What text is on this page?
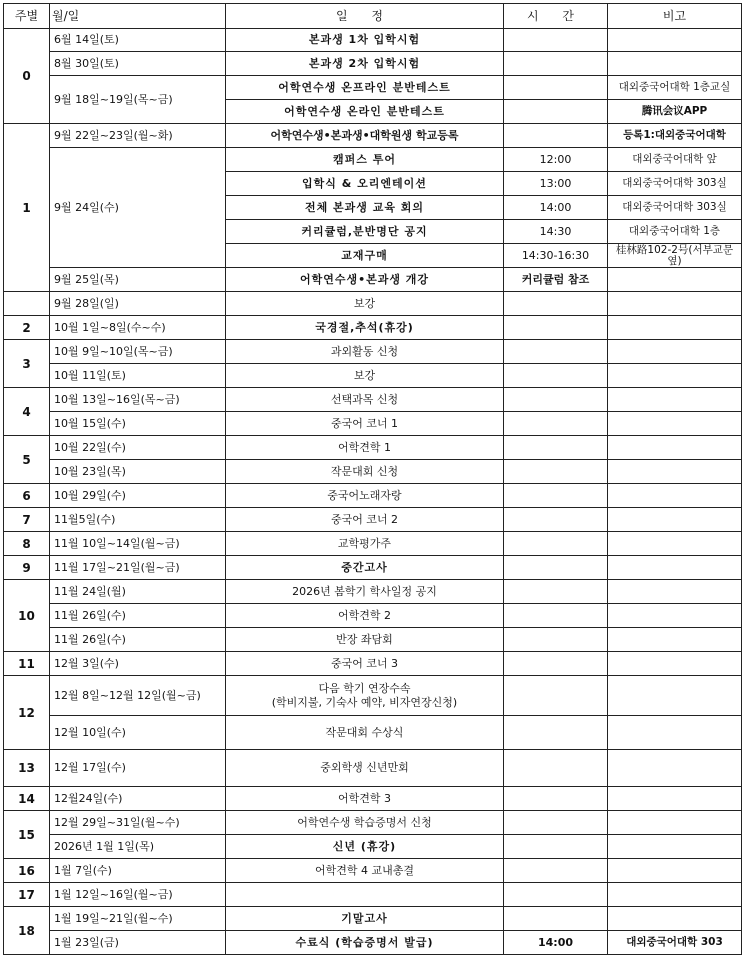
주별	월/일	일 정	시 간	비고
0	6월 14일(토)	본과생 1차 입학시험		
	8월 30일(토)	본과생 2차 입학시험		
	9월 18일~19일(목~금)	어학연수생 온프라인 분반테스트		대외중국어대학 1층교실
		어학연수생 온라인 분반테스트		腾讯会议APP
1	9월 22일~23일(월~화)	어학연수생•본과생•대학원생 학교등록		등록1:대외중국어대학
	9월 24일(수)	캠퍼스 투어	12:00	대외중국어대학 앞
		입학식 & 오리엔테이션	13:00	대외중국어대학 303실
		전체 본과생 교육 회의	14:00	대외중국어대학 303실
		커리큘럼,분반명단 공지	14:30	대외중국어대학 1층
		교재구매	14:30-16:30	桂林路102-2号(서부교문 옆)
	9월 25일(목)	어학연수생•본과생 개강	커리큘럼 참조	
	9월 28일(일)	보강		
2	10월 1일~8일(수~수)	국경절,추석(휴강)		
3	10월 9일~10일(목~금)	과외활동 신청		
	10월 11일(토)	보강		
4	10월 13일~16일(목~금)	선택과목 신청		
	10월 15일(수)	중국어 코너 1		
5	10월 22일(수)	어학견학 1		
	10월 23일(목)	작문대회 신청		
6	10월 29일(수)	중국어노래자랑		
7	11월5일(수)	중국어 코너 2		
8	11월 10일~14일(월~금)	교학평가주		
9	11월 17일~21일(월~금)	중간고사		
10	11월 24일(월)	2026년 봄학기 학사일정 공지		
	11월 26일(수)	어학견학 2		
	11월 26일(수)	반장 좌담회		
11	12월 3일(수)	중국어 코너 3		
12	12월 8일~12월 12일(월~금)	다음 학기 연장수속
(학비지불, 기숙사 예약, 비자연장신청)		

	12월 10일(수)	작문대회 수상식		
13	12월 17일(수)	중외학생 신년만회		
14	12월24일(수)	어학견학 3		
15	12월 29일~31일(월~수)	어학연수생 학습증명서 신청		
	2026년 1월 1일(목)	신년 (휴강)		
16	1월 7일(수)	어학견학 4 교내총결		
17	1월 12일~16일(월~금)			
18	1월 19일~21일(월~수)	기말고사		
	1월 23일(금)	수료식 (학습증명서 발급)	14:00	대외중국어대학 303
